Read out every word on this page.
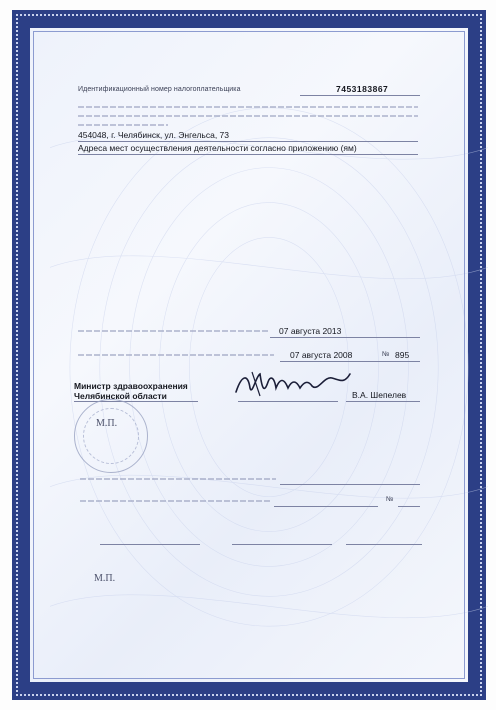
Идентификационный номер налогоплательщика	7453183867
454048, г. Челябинск, ул. Энгельса, 73
Адреса мест осуществления деятельности согласно приложению (ям)
07 августа 2013
07 августа 2008	№ 895
Министр здравоохранения
Челябинской области	В.А. Шепелев
М.П.
№
М.П.
